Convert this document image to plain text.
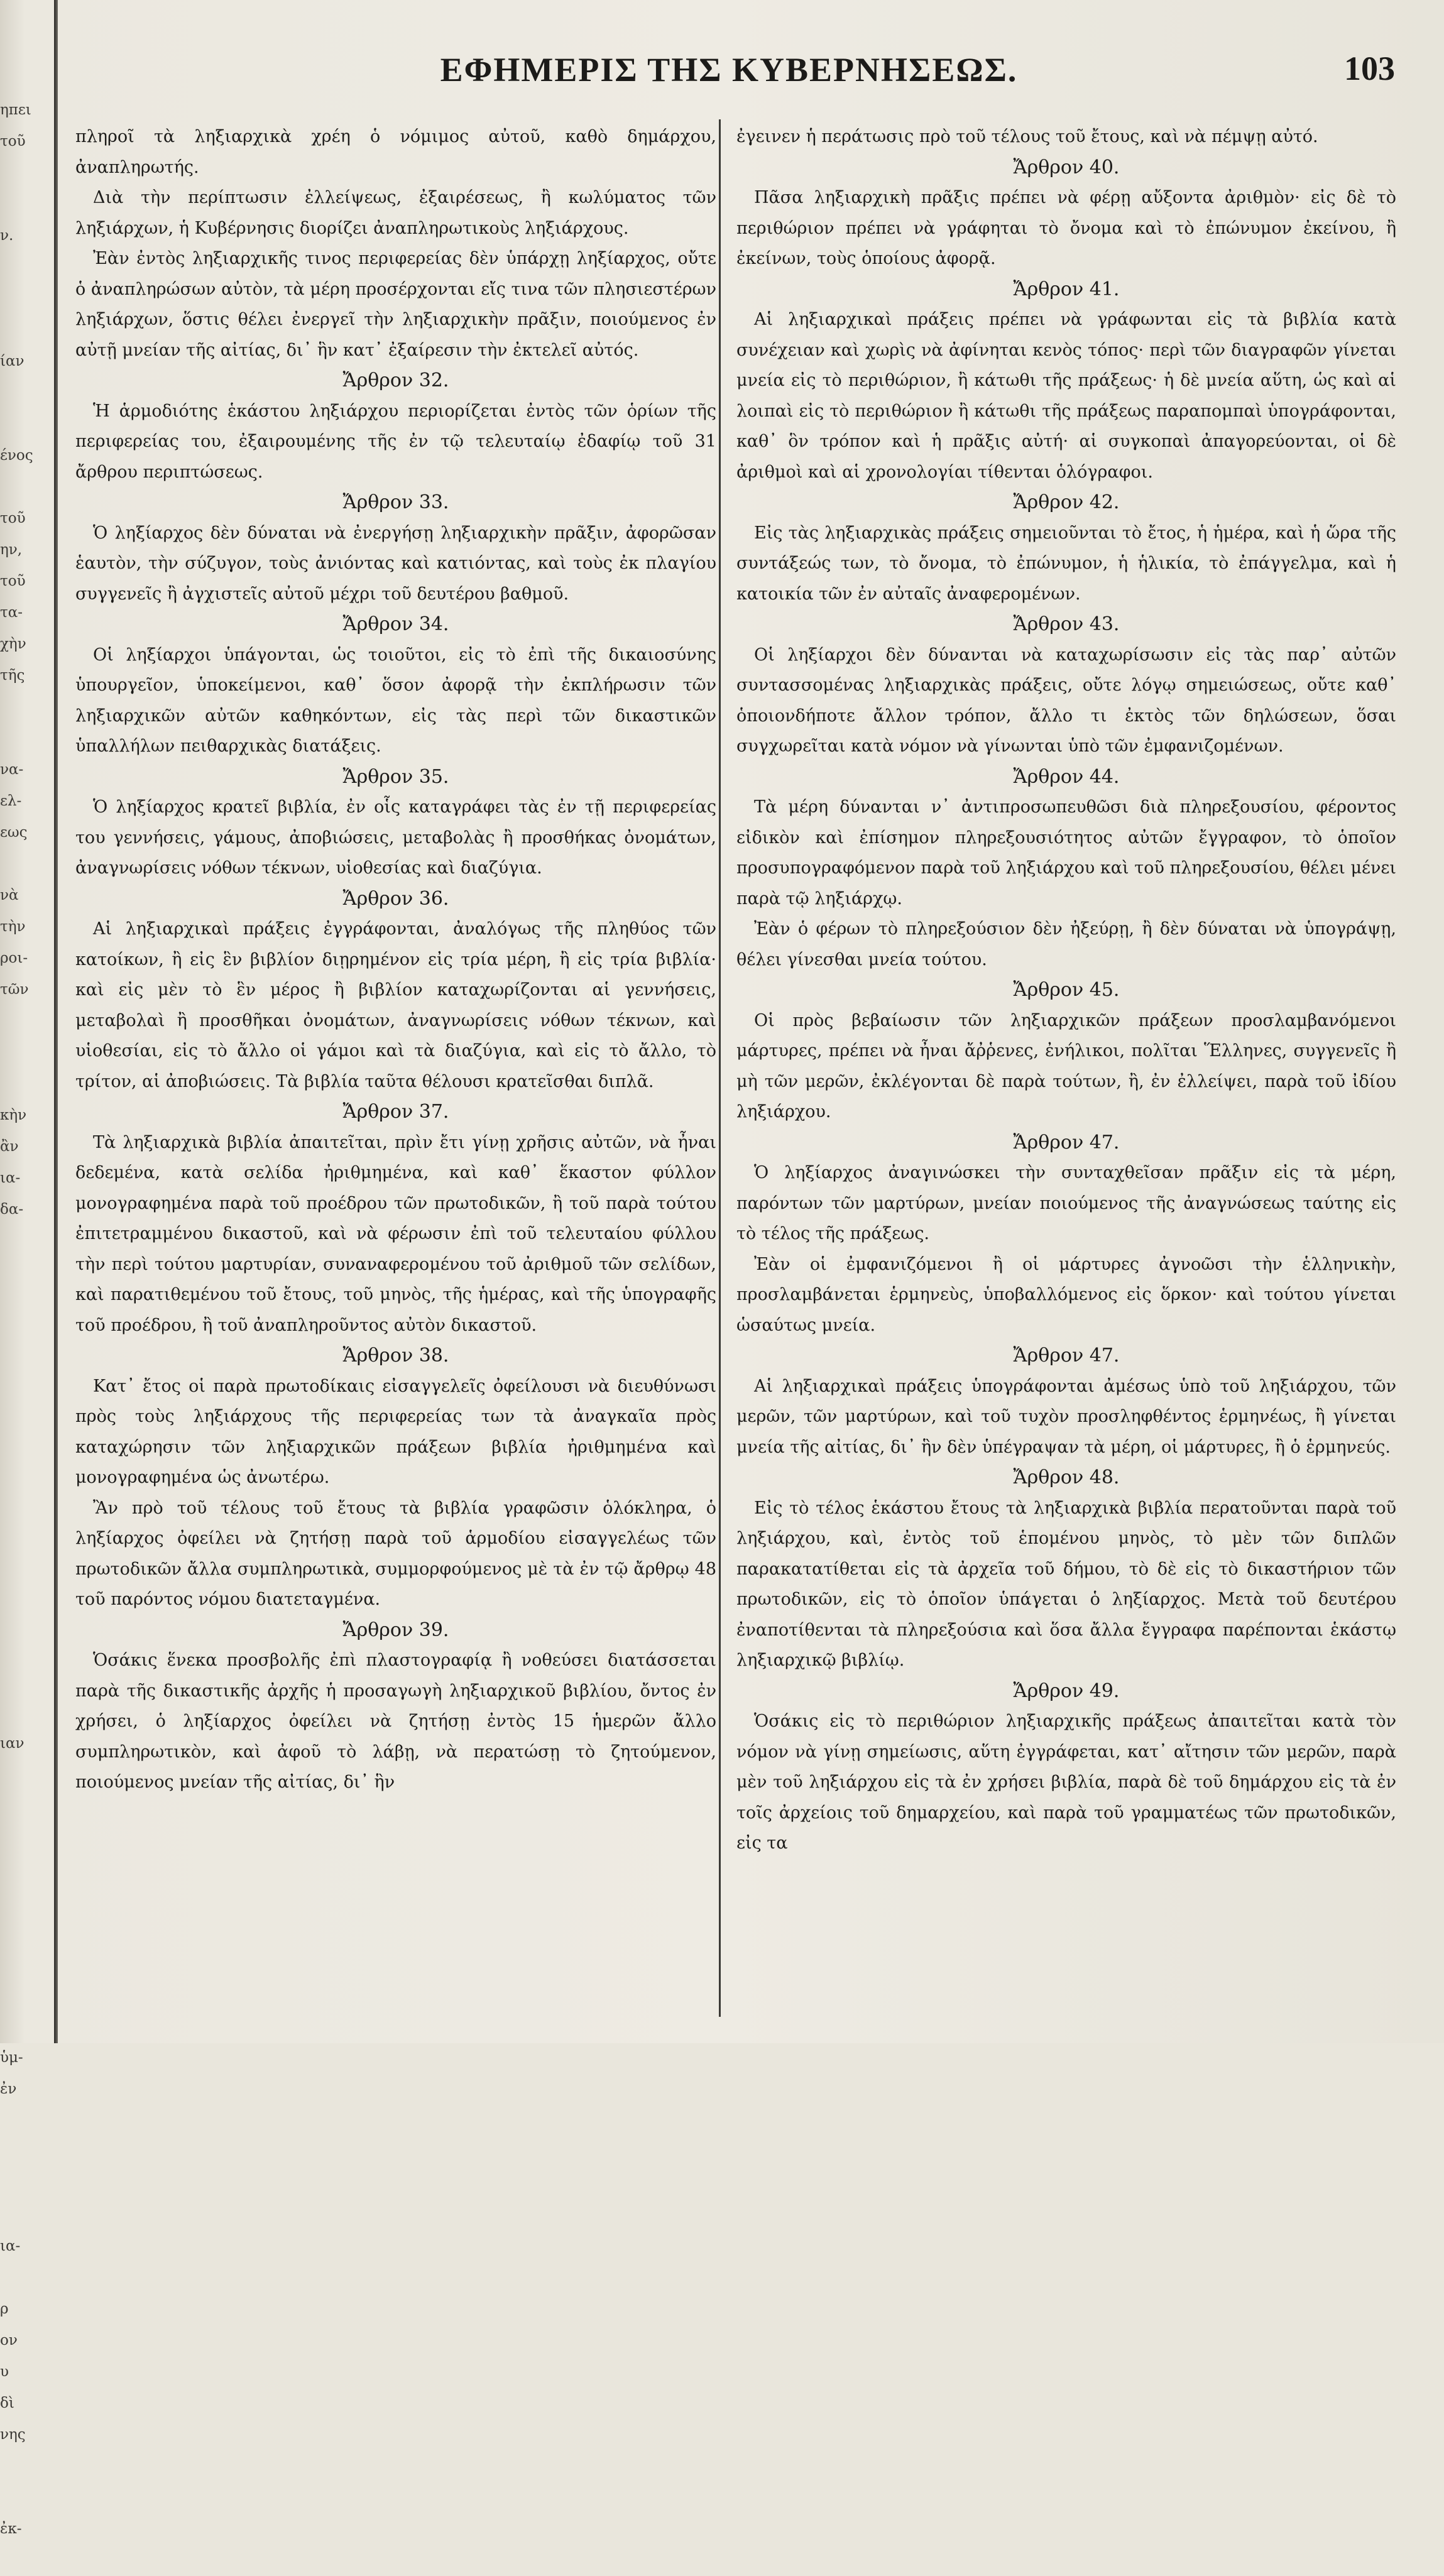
ηπει
τοῦ
ν.
ίαν
ένος
τοῦ
ην,
τοῦ
τα-
χὴν
τῆς
να-
ελ-
εως
νὰ
τὴν
ροι-
τῶν
κὴν
ἂν
ια-
δα-
ιαν
ὑμ-
ἐν
ια-
ρ
ον
υ
δὶ
νης
ἐκ-
ΕΦΗΜΕΡΙΣ ΤΗΣ ΚΥΒΕΡΝΗΣΕΩΣ.	103

πληροῖ τὰ ληξιαρχικὰ χρέη ὁ νόμιμος αὐτοῦ, καθὸ δημάρχου, ἀναπληρωτής.

Διὰ τὴν περίπτωσιν ἐλλείψεως, ἐξαιρέσεως, ἢ κωλύματος τῶν ληξιάρχων, ἡ Κυβέρνησις διορίζει ἀναπληρωτικοὺς ληξιάρχους.

Ἐὰν ἐντὸς ληξιαρχικῆς τινος περιφερείας δὲν ὑπάρχῃ ληξίαρχος, οὔτε ὁ ἀναπληρώσων αὐτὸν, τὰ μέρη προσέρχονται εἴς τινα τῶν πλησιεστέρων ληξιάρχων, ὅστις θέλει ἐνεργεῖ τὴν ληξιαρχικὴν πρᾶξιν, ποιούμενος ἐν αὐτῇ μνείαν τῆς αἰτίας, δι᾽ ἣν κατ᾽ ἐξαίρεσιν τὴν ἐκτελεῖ αὐτός.

Ἄρθρον 32.

Ἡ ἁρμοδιότης ἑκάστου ληξιάρχου περιορίζεται ἐντὸς τῶν ὁρίων τῆς περιφερείας του, ἐξαιρουμένης τῆς ἐν τῷ τελευταίῳ ἐδαφίῳ τοῦ 31 ἄρθρου περιπτώσεως.

Ἄρθρον 33.

Ὁ ληξίαρχος δὲν δύναται νὰ ἐνεργήσῃ ληξιαρχικὴν πρᾶξιν, ἀφορῶσαν ἑαυτὸν, τὴν σύζυγον, τοὺς ἀνιόντας καὶ κατιόντας, καὶ τοὺς ἐκ πλαγίου συγγενεῖς ἢ ἀγχιστεῖς αὐτοῦ μέχρι τοῦ δευτέρου βαθμοῦ.

Ἄρθρον 34.

Οἱ ληξίαρχοι ὑπάγονται, ὡς τοιοῦτοι, εἰς τὸ ἐπὶ τῆς δικαιοσύνης ὑπουργεῖον, ὑποκείμενοι, καθ᾽ ὅσον ἀφορᾷ τὴν ἐκπλήρωσιν τῶν ληξιαρχικῶν αὐτῶν καθηκόντων, εἰς τὰς περὶ τῶν δικαστικῶν ὑπαλλήλων πειθαρχικὰς διατάξεις.

Ἄρθρον 35.

Ὁ ληξίαρχος κρατεῖ βιβλία, ἐν οἷς καταγράφει τὰς ἐν τῇ περιφερείας του γεννήσεις, γάμους, ἀποβιώσεις, μεταβολὰς ἢ προσθήκας ὀνομάτων, ἀναγνωρίσεις νόθων τέκνων, υἱοθεσίας καὶ διαζύγια.

Ἄρθρον 36.

Αἱ ληξιαρχικαὶ πράξεις ἐγγράφονται, ἀναλόγως τῆς πληθύος τῶν κατοίκων, ἢ εἰς ἓν βιβλίον διῃρημένον εἰς τρία μέρη, ἢ εἰς τρία βιβλία· καὶ εἰς μὲν τὸ ἓν μέρος ἢ βιβλίον καταχωρίζονται αἱ γεννήσεις, μεταβολαὶ ἢ προσθῆκαι ὀνομάτων, ἀναγνωρίσεις νόθων τέκνων, καὶ υἱοθεσίαι, εἰς τὸ ἄλλο οἱ γάμοι καὶ τὰ διαζύγια, καὶ εἰς τὸ ἄλλο, τὸ τρίτον, αἱ ἀποβιώσεις. Τὰ βιβλία ταῦτα θέλουσι κρατεῖσθαι διπλᾶ.

Ἄρθρον 37.

Τὰ ληξιαρχικὰ βιβλία ἀπαιτεῖται, πρὶν ἔτι γίνῃ χρῆσις αὐτῶν, νὰ ἦναι δεδεμένα, κατὰ σελίδα ἠριθμημένα, καὶ καθ᾽ ἕκαστον φύλλον μονογραφημένα παρὰ τοῦ προέδρου τῶν πρωτοδικῶν, ἢ τοῦ παρὰ τούτου ἐπιτετραμμένου δικαστοῦ, καὶ νὰ φέρωσιν ἐπὶ τοῦ τελευταίου φύλλου τὴν περὶ τούτου μαρτυρίαν, συναναφερομένου τοῦ ἀριθμοῦ τῶν σελίδων, καὶ παρατιθεμένου τοῦ ἔτους, τοῦ μηνὸς, τῆς ἡμέρας, καὶ τῆς ὑπογραφῆς τοῦ προέδρου, ἢ τοῦ ἀναπληροῦντος αὐτὸν δικαστοῦ.

Ἄρθρον 38.

Κατ᾽ ἔτος οἱ παρὰ πρωτοδίκαις εἰσαγγελεῖς ὀφείλουσι νὰ διευθύνωσι πρὸς τοὺς ληξιάρχους τῆς περιφερείας των τὰ ἀναγκαῖα πρὸς καταχώρησιν τῶν ληξιαρχικῶν πράξεων βιβλία ἠριθμημένα καὶ μονογραφημένα ὡς ἀνωτέρω.

Ἂν πρὸ τοῦ τέλους τοῦ ἔτους τὰ βιβλία γραφῶσιν ὁλόκληρα, ὁ ληξίαρχος ὀφείλει νὰ ζητήσῃ παρὰ τοῦ ἁρμοδίου εἰσαγγελέως τῶν πρωτοδικῶν ἄλλα συμπληρωτικὰ, συμμορφούμενος μὲ τὰ ἐν τῷ ἄρθρῳ 48 τοῦ παρόντος νόμου διατεταγμένα.

Ἄρθρον 39.

Ὁσάκις ἕνεκα προσβολῆς ἐπὶ πλαστογραφίᾳ ἢ νοθεύσει διατάσσεται παρὰ τῆς δικαστικῆς ἀρχῆς ἡ προσαγωγὴ ληξιαρχικοῦ βιβλίου, ὄντος ἐν χρήσει, ὁ ληξίαρχος ὀφείλει νὰ ζητήσῃ ἐντὸς 15 ἡμερῶν ἄλλο συμπληρωτικὸν, καὶ ἀφοῦ τὸ λάβῃ, νὰ περατώσῃ τὸ ζητούμενον, ποιούμενος μνείαν τῆς αἰτίας, δι᾽ ἣν

ἐγεινεν ἡ περάτωσις πρὸ τοῦ τέλους τοῦ ἔτους, καὶ νὰ πέμψῃ αὐτό.

Ἄρθρον 40.

Πᾶσα ληξιαρχικὴ πρᾶξις πρέπει νὰ φέρῃ αὔξοντα ἀριθμὸν· εἰς δὲ τὸ περιθώριον πρέπει νὰ γράφηται τὸ ὄνομα καὶ τὸ ἐπώνυμον ἐκείνου, ἢ ἐκείνων, τοὺς ὁποίους ἀφορᾷ.

Ἄρθρον 41.

Αἱ ληξιαρχικαὶ πράξεις πρέπει νὰ γράφωνται εἰς τὰ βιβλία κατὰ συνέχειαν καὶ χωρὶς νὰ ἀφίνηται κενὸς τόπος· περὶ τῶν διαγραφῶν γίνεται μνεία εἰς τὸ περιθώριον, ἢ κάτωθι τῆς πράξεως· ἡ δὲ μνεία αὕτη, ὡς καὶ αἱ λοιπαὶ εἰς τὸ περιθώριον ἢ κάτωθι τῆς πράξεως παραπομπαὶ ὑπογράφονται, καθ᾽ ὃν τρόπον καὶ ἡ πρᾶξις αὐτή· αἱ συγκοπαὶ ἀπαγορεύονται, οἱ δὲ ἀριθμοὶ καὶ αἱ χρονολογίαι τίθενται ὁλόγραφοι.

Ἄρθρον 42.

Εἰς τὰς ληξιαρχικὰς πράξεις σημειοῦνται τὸ ἔτος, ἡ ἡμέρα, καὶ ἡ ὥρα τῆς συντάξεώς των, τὸ ὄνομα, τὸ ἐπώνυμον, ἡ ἡλικία, τὸ ἐπάγγελμα, καὶ ἡ κατοικία τῶν ἐν αὐταῖς ἀναφερομένων.

Ἄρθρον 43.

Οἱ ληξίαρχοι δὲν δύνανται νὰ καταχωρίσωσιν εἰς τὰς παρ᾽ αὐτῶν συντασσομένας ληξιαρχικὰς πράξεις, οὔτε λόγῳ σημειώσεως, οὔτε καθ᾽ ὁποιονδήποτε ἄλλον τρόπον, ἄλλο τι ἐκτὸς τῶν δηλώσεων, ὅσαι συγχωρεῖται κατὰ νόμον νὰ γίνωνται ὑπὸ τῶν ἐμφανιζομένων.

Ἄρθρον 44.

Τὰ μέρη δύνανται ν᾽ ἀντιπροσωπευθῶσι διὰ πληρεξουσίου, φέροντος εἰδικὸν καὶ ἐπίσημον πληρεξουσιότητος αὐτῶν ἔγγραφον, τὸ ὁποῖον προσυπογραφόμενον παρὰ τοῦ ληξιάρχου καὶ τοῦ πληρεξουσίου, θέλει μένει παρὰ τῷ ληξιάρχῳ.

Ἐὰν ὁ φέρων τὸ πληρεξούσιον δὲν ἠξεύρῃ, ἢ δὲν δύναται νὰ ὑπογράψῃ, θέλει γίνεσθαι μνεία τούτου.

Ἄρθρον 45.

Οἱ πρὸς βεβαίωσιν τῶν ληξιαρχικῶν πράξεων προσλαμβανόμενοι μάρτυρες, πρέπει νὰ ἦναι ἄῤῥενες, ἐνήλικοι, πολῖται Ἕλληνες, συγγενεῖς ἢ μὴ τῶν μερῶν, ἐκλέγονται δὲ παρὰ τούτων, ἢ, ἐν ἐλλείψει, παρὰ τοῦ ἰδίου ληξιάρχου.

Ἄρθρον 47.

Ὁ ληξίαρχος ἀναγινώσκει τὴν συνταχθεῖσαν πρᾶξιν εἰς τὰ μέρη, παρόντων τῶν μαρτύρων, μνείαν ποιούμενος τῆς ἀναγνώσεως ταύτης εἰς τὸ τέλος τῆς πράξεως.

Ἐὰν οἱ ἐμφανιζόμενοι ἢ οἱ μάρτυρες ἀγνοῶσι τὴν ἑλληνικὴν, προσλαμβάνεται ἑρμηνεὺς, ὑποβαλλόμενος εἰς ὅρκον· καὶ τούτου γίνεται ὡσαύτως μνεία.

Ἄρθρον 47.

Αἱ ληξιαρχικαὶ πράξεις ὑπογράφονται ἀμέσως ὑπὸ τοῦ ληξιάρχου, τῶν μερῶν, τῶν μαρτύρων, καὶ τοῦ τυχὸν προσληφθέντος ἑρμηνέως, ἢ γίνεται μνεία τῆς αἰτίας, δι᾽ ἣν δὲν ὑπέγραψαν τὰ μέρη, οἱ μάρτυρες, ἢ ὁ ἑρμηνεύς.

Ἄρθρον 48.

Εἰς τὸ τέλος ἑκάστου ἔτους τὰ ληξιαρχικὰ βιβλία περατοῦνται παρὰ τοῦ ληξιάρχου, καὶ, ἐντὸς τοῦ ἑπομένου μηνὸς, τὸ μὲν τῶν διπλῶν παρακατατίθεται εἰς τὰ ἀρχεῖα τοῦ δήμου, τὸ δὲ εἰς τὸ δικαστήριον τῶν πρωτοδικῶν, εἰς τὸ ὁποῖον ὑπάγεται ὁ ληξίαρχος. Μετὰ τοῦ δευτέρου ἐναποτίθενται τὰ πληρεξούσια καὶ ὅσα ἄλλα ἔγγραφα παρέπονται ἑκάστῳ ληξιαρχικῷ βιβλίῳ.

Ἄρθρον 49.

Ὁσάκις εἰς τὸ περιθώριον ληξιαρχικῆς πράξεως ἀπαιτεῖται κατὰ τὸν νόμον νὰ γίνῃ σημείωσις, αὕτη ἐγγράφεται, κατ᾽ αἴτησιν τῶν μερῶν, παρὰ μὲν τοῦ ληξιάρχου εἰς τὰ ἐν χρήσει βιβλία, παρὰ δὲ τοῦ δημάρχου εἰς τὰ ἐν τοῖς ἀρχείοις τοῦ δημαρχείου, καὶ παρὰ τοῦ γραμματέως τῶν πρωτοδικῶν, εἰς τα
